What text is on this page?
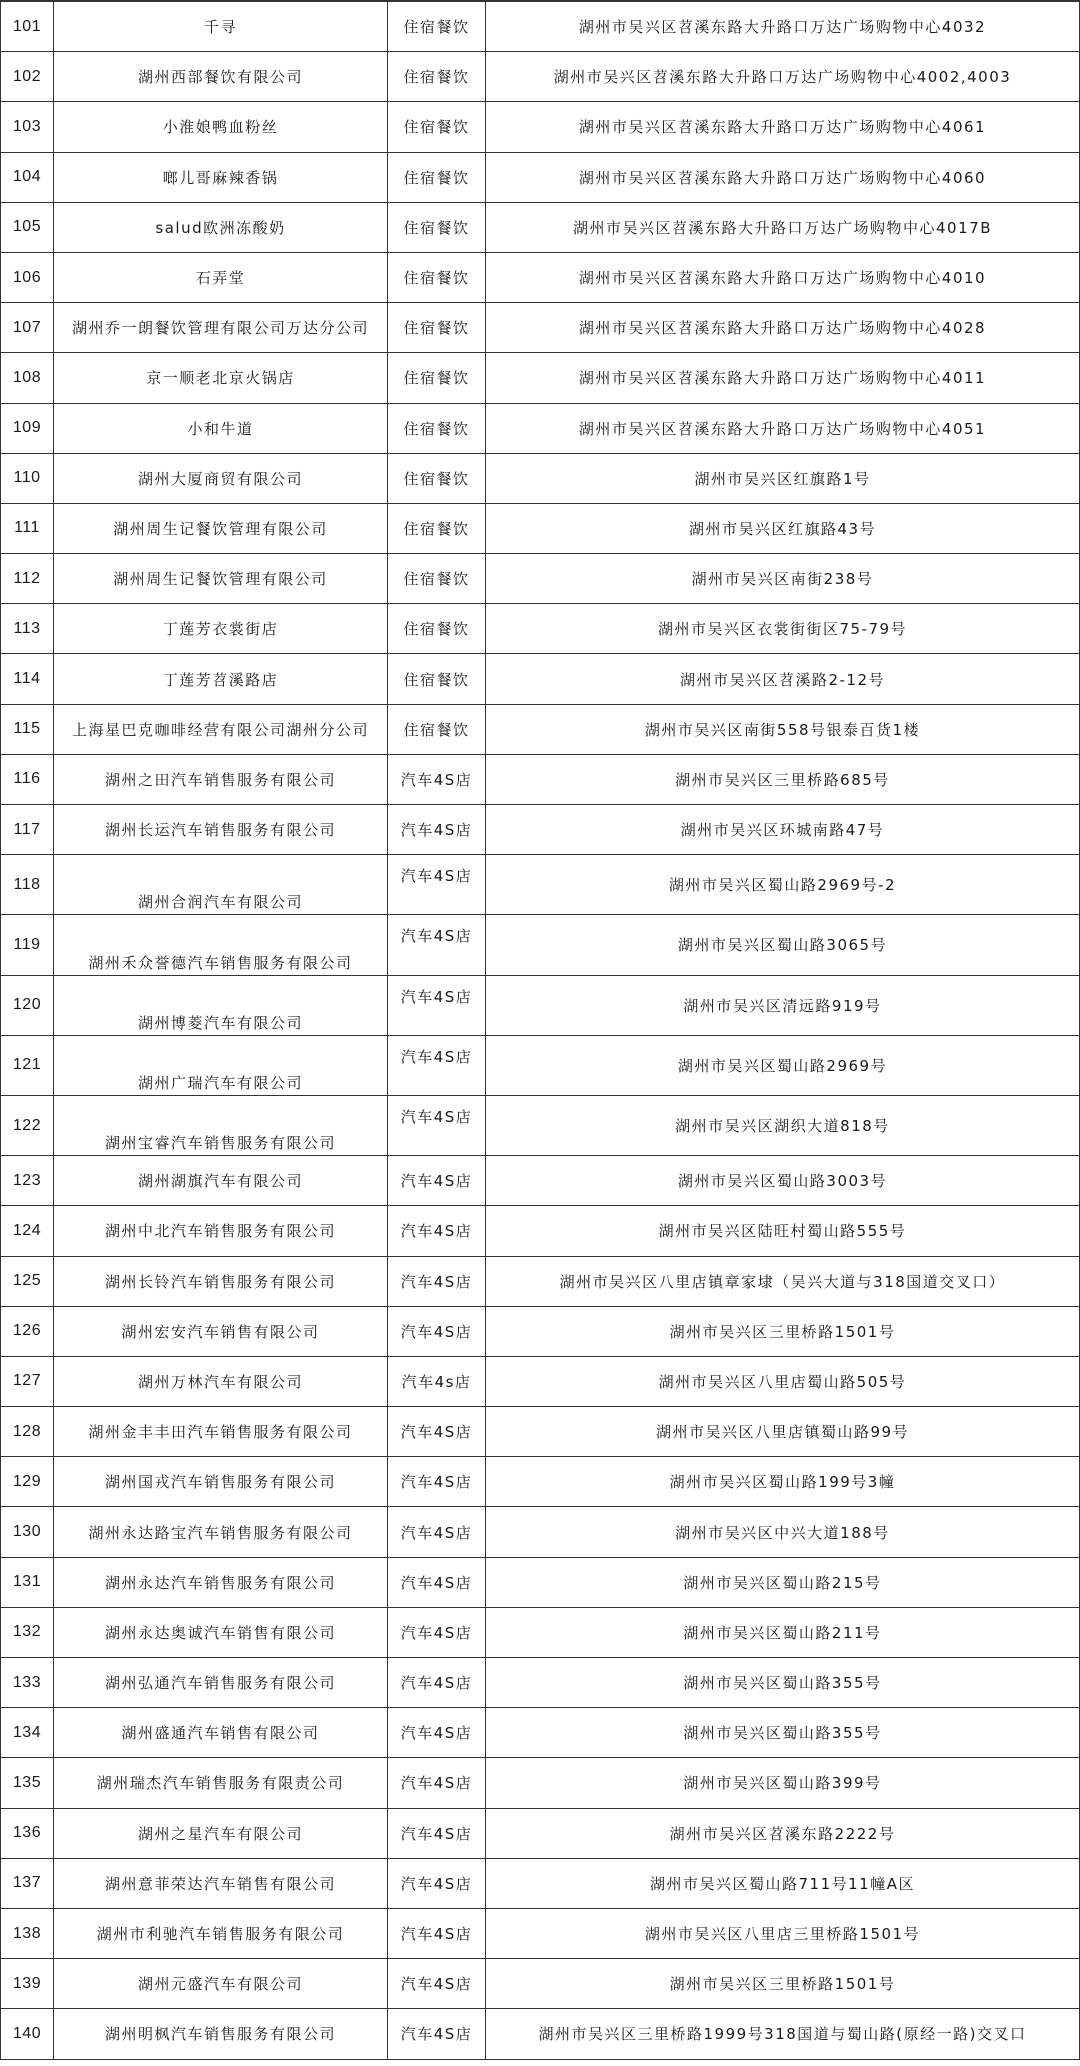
101	千寻	住宿餐饮	湖州市吴兴区苕溪东路大升路口万达广场购物中心4032
102	湖州西部餐饮有限公司	住宿餐饮	湖州市吴兴区苕溪东路大升路口万达广场购物中心4002,4003
103	小淮娘鸭血粉丝	住宿餐饮	湖州市吴兴区苕溪东路大升路口万达广场购物中心4061
104	啷儿哥麻辣香锅	住宿餐饮	湖州市吴兴区苕溪东路大升路口万达广场购物中心4060
105	salud欧洲冻酸奶	住宿餐饮	湖州市吴兴区苕溪东路大升路口万达广场购物中心4017B
106	石弄堂	住宿餐饮	湖州市吴兴区苕溪东路大升路口万达广场购物中心4010
107	湖州乔一朗餐饮管理有限公司万达分公司	住宿餐饮	湖州市吴兴区苕溪东路大升路口万达广场购物中心4028
108	京一顺老北京火锅店	住宿餐饮	湖州市吴兴区苕溪东路大升路口万达广场购物中心4011
109	小和牛道	住宿餐饮	湖州市吴兴区苕溪东路大升路口万达广场购物中心4051
110	湖州大厦商贸有限公司	住宿餐饮	湖州市吴兴区红旗路1号
111	湖州周生记餐饮管理有限公司	住宿餐饮	湖州市吴兴区红旗路43号
112	湖州周生记餐饮管理有限公司	住宿餐饮	湖州市吴兴区南街238号
113	丁莲芳衣裳街店	住宿餐饮	湖州市吴兴区衣裳街街区75-79号
114	丁莲芳苕溪路店	住宿餐饮	湖州市吴兴区苕溪路2-12号
115	上海星巴克咖啡经营有限公司湖州分公司	住宿餐饮	湖州市吴兴区南街558号银泰百货1楼
116	湖州之田汽车销售服务有限公司	汽车4S店	湖州市吴兴区三里桥路685号
117	湖州长运汽车销售服务有限公司	汽车4S店	湖州市吴兴区环城南路47号
118	湖州合润汽车有限公司	汽车4S店	湖州市吴兴区蜀山路2969号-2
119	湖州禾众誉德汽车销售服务有限公司	汽车4S店	湖州市吴兴区蜀山路3065号
120	湖州博菱汽车有限公司	汽车4S店	湖州市吴兴区清远路919号
121	湖州广瑞汽车有限公司	汽车4S店	湖州市吴兴区蜀山路2969号
122	湖州宝睿汽车销售服务有限公司	汽车4S店	湖州市吴兴区湖织大道818号
123	湖州湖旗汽车有限公司	汽车4S店	湖州市吴兴区蜀山路3003号
124	湖州中北汽车销售服务有限公司	汽车4S店	湖州市吴兴区陆旺村蜀山路555号
125	湖州长铃汽车销售服务有限公司	汽车4S店	湖州市吴兴区八里店镇章家埭（吴兴大道与318国道交叉口）
126	湖州宏安汽车销售有限公司	汽车4S店	湖州市吴兴区三里桥路1501号
127	湖州万林汽车有限公司	汽车4s店	湖州市吴兴区八里店蜀山路505号
128	湖州金丰丰田汽车销售服务有限公司	汽车4S店	湖州市吴兴区八里店镇蜀山路99号
129	湖州国戎汽车销售服务有限公司	汽车4S店	湖州市吴兴区蜀山路199号3幢
130	湖州永达路宝汽车销售服务有限公司	汽车4S店	湖州市吴兴区中兴大道188号
131	湖州永达汽车销售服务有限公司	汽车4S店	湖州市吴兴区蜀山路215号
132	湖州永达奥诚汽车销售有限公司	汽车4S店	湖州市吴兴区蜀山路211号
133	湖州弘通汽车销售服务有限公司	汽车4S店	湖州市吴兴区蜀山路355号
134	湖州盛通汽车销售有限公司	汽车4S店	湖州市吴兴区蜀山路355号
135	湖州瑞杰汽车销售服务有限责公司	汽车4S店	湖州市吴兴区蜀山路399号
136	湖州之星汽车有限公司	汽车4S店	湖州市吴兴区苕溪东路2222号
137	湖州意菲荣达汽车销售有限公司	汽车4S店	湖州市吴兴区蜀山路711号11幢A区
138	湖州市利驰汽车销售服务有限公司	汽车4S店	湖州市吴兴区八里店三里桥路1501号
139	湖州元盛汽车有限公司	汽车4S店	湖州市吴兴区三里桥路1501号
140	湖州明枫汽车销售服务有限公司	汽车4S店	湖州市吴兴区三里桥路1999号318国道与蜀山路(原经一路)交叉口
